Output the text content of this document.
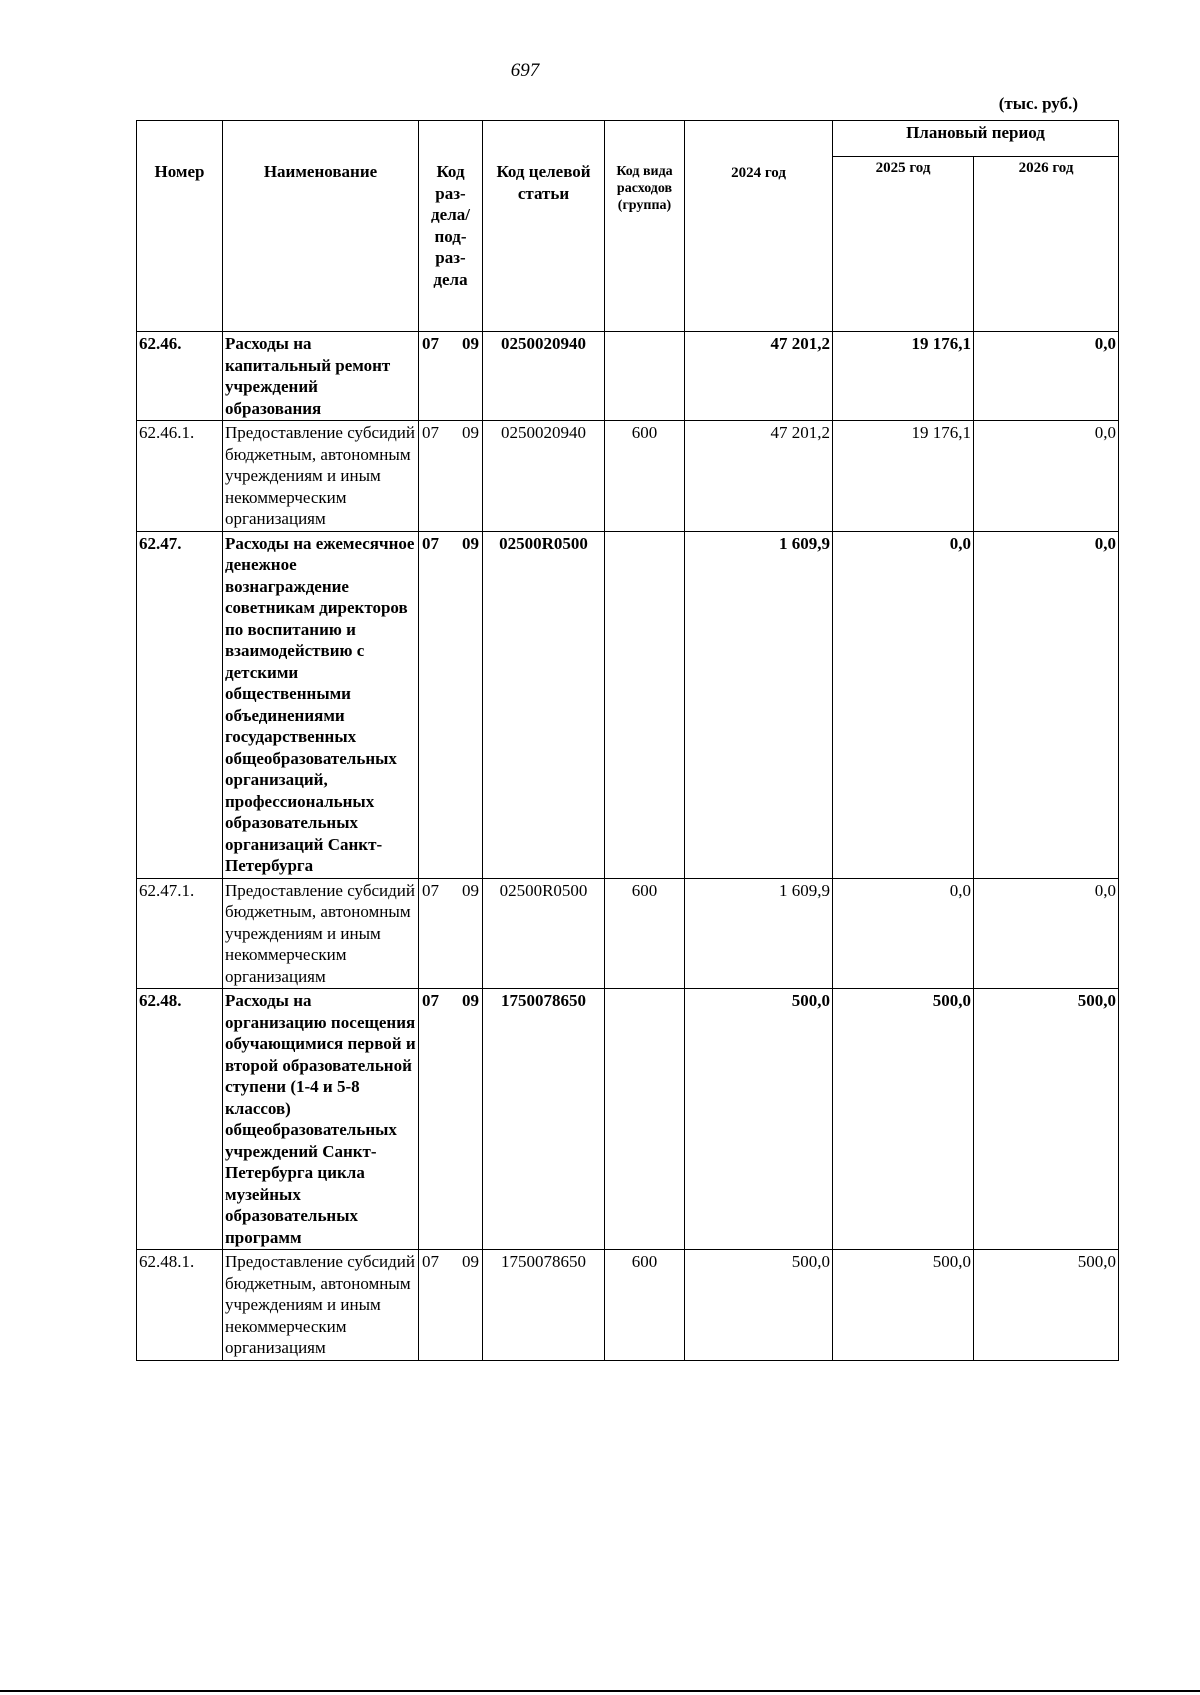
697
(тыс. руб.)
Номер	Наименование	Код раз-дела/ под-раз-дела	Код целевой статьи	Код вида расходов (группа)	2024 год	Плановый период	
						2025 год	2026 год
62.46.	Расходы на капитальный ремонт учреждений образования	07 09	0250020940		47 201,2	19 176,1	0,0
62.46.1.	Предоставление субсидий бюджетным, автономным учреждениям и иным некоммерческим организациям	07 09	0250020940	600	47 201,2	19 176,1	0,0
62.47.	Расходы на ежемесячное денежное вознаграждение советникам директоров по воспитанию и взаимодействию с детскими общественными объединениями государственных общеобразовательных организаций, профессиональных образовательных организаций Санкт-Петербурга	07 09	02500R0500		1 609,9	0,0	0,0
62.47.1.	Предоставление субсидий бюджетным, автономным учреждениям и иным некоммерческим организациям	07 09	02500R0500	600	1 609,9	0,0	0,0
62.48.	Расходы на организацию посещения обучающимися первой и второй образовательной ступени (1-4 и 5-8 классов) общеобразовательных учреждений Санкт-Петербурга цикла музейных образовательных программ	07 09	1750078650		500,0	500,0	500,0
62.48.1.	Предоставление субсидий бюджетным, автономным учреждениям и иным некоммерческим организациям	07 09	1750078650	600	500,0	500,0	500,0
